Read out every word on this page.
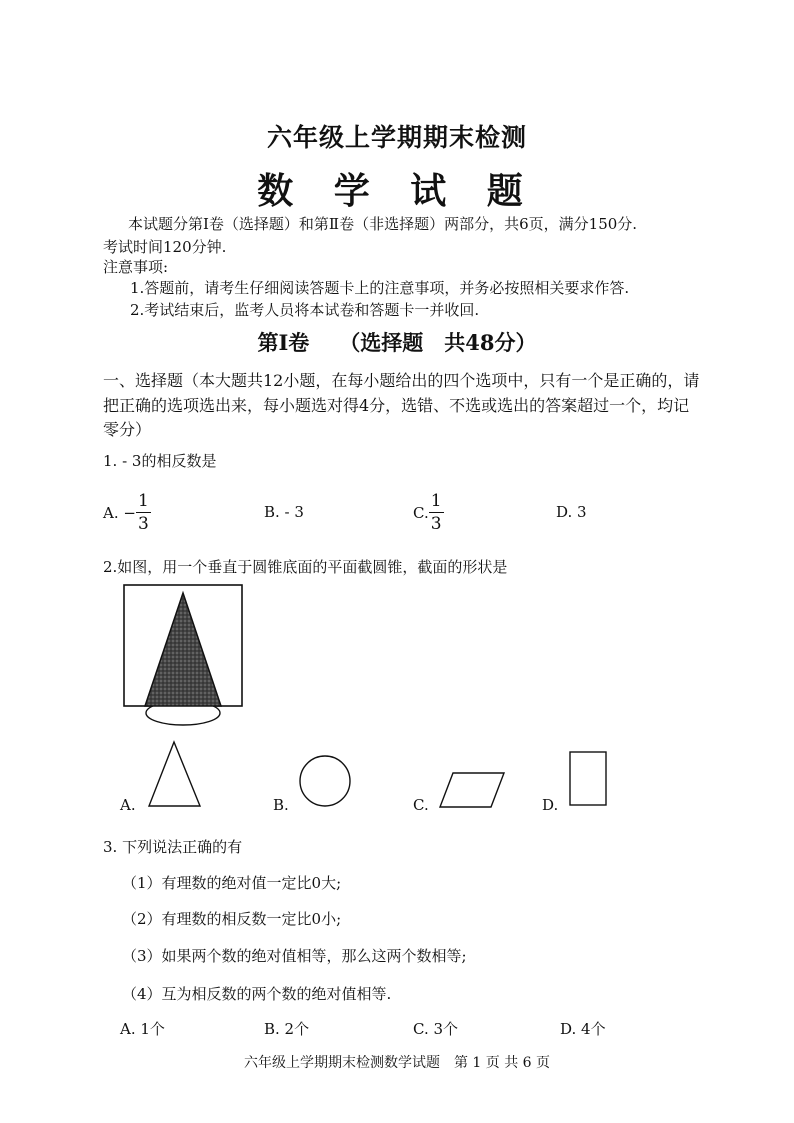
六年级上学期期末检测
数 学 试 题
本试题分第Ⅰ卷（选择题）和第Ⅱ卷（非选择题）两部分，共6页，满分150分.
考试时间120分钟.
注意事项:
1.答题前，请考生仔细阅读答题卡上的注意事项，并务必按照相关要求作答.
2.考试结束后，监考人员将本试卷和答题卡一并收回.
第Ⅰ卷 （选择题　共48分）
一、选择题（本大题共12小题，在每小题给出的四个选项中，只有一个是正确的，请
把正确的选项选出来，每小题选对得4分，选错、不选或选出的答案超过一个，均记
零分）
1. - 3的相反数是
A. − $\frac{1}{3}$	B. - 3	C. $\frac{1}{3}$	D. 3
2.如图，用一个垂直于圆锥底面的平面截圆锥，截面的形状是
A.	B.	C.	D.
3. 下列说法正确的有
（1）有理数的绝对值一定比0大;
（2）有理数的相反数一定比0小;
（3）如果两个数的绝对值相等，那么这两个数相等;
（4）互为相反数的两个数的绝对值相等.
A. 1个	B. 2个	C. 3个	D. 4个
六年级上学期期末检测数学试题　第 1 页 共 6 页
